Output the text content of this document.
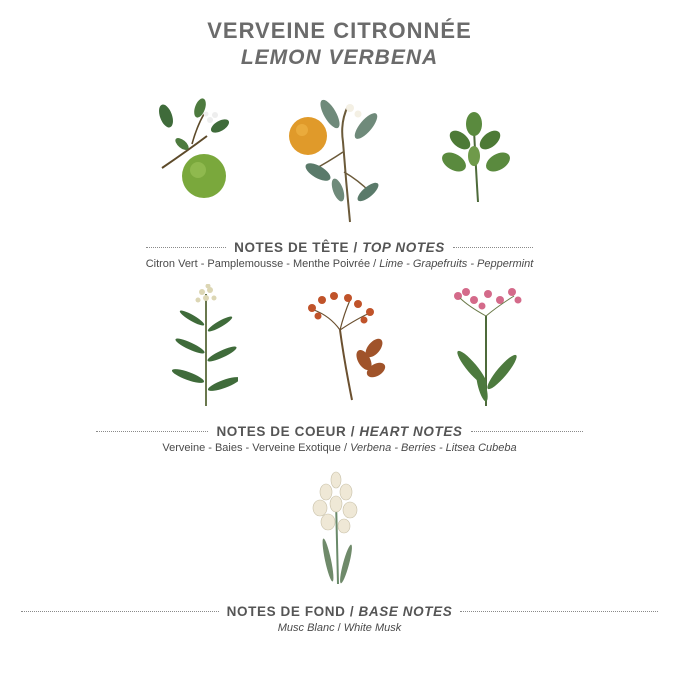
VERVEINE CITRONNÉE
LEMON VERBENA
NOTES DE TÊTE / TOP NOTES
Citron Vert - Pamplemousse - Menthe Poivrée / Lime - Grapefruits - Peppermint
NOTES DE COEUR / HEART NOTES
Verveine - Baies - Verveine Exotique / Verbena - Berries - Litsea Cubeba
NOTES DE FOND / BASE NOTES
Musc Blanc / White Musk
